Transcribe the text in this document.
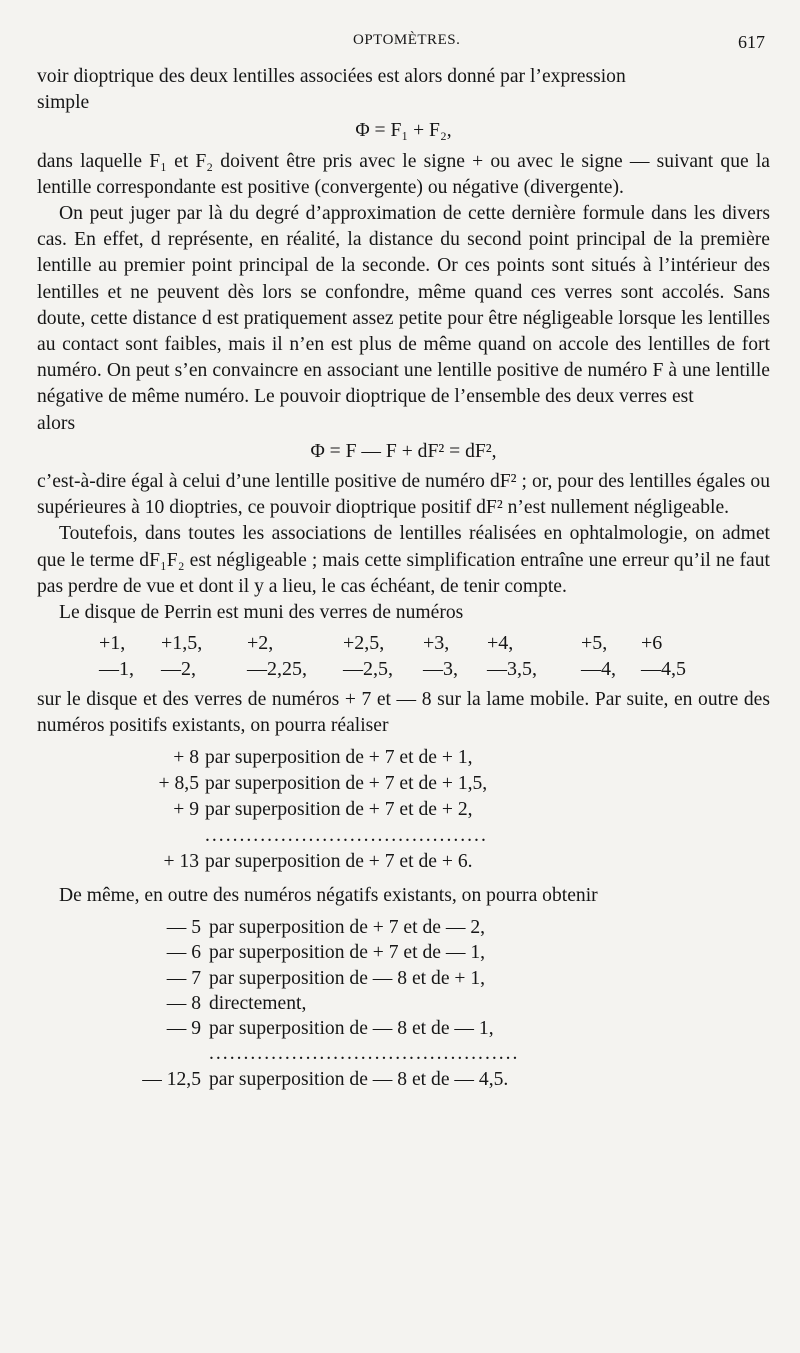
OPTOMÈTRES.	617

voir dioptrique des deux lentilles associées est alors donné par l’expression

simple

Φ = F₁ + F₂,

dans laquelle F₁ et F₂ doivent être pris avec le signe + ou avec le signe — suivant que la lentille correspondante est positive (convergente) ou négative (divergente).

On peut juger par là du degré d’approximation de cette dernière formule dans les divers cas. En effet, d représente, en réalité, la distance du second point principal de la première lentille au premier point principal de la seconde. Or ces points sont situés à l’intérieur des lentilles et ne peuvent dès lors se confondre, même quand ces verres sont accolés. Sans doute, cette distance d est pratiquement assez petite pour être négligeable lorsque les lentilles au contact sont faibles, mais il n’en est plus de même quand on accole des lentilles de fort numéro. On peut s’en convaincre en associant une lentille positive de numéro F à une lentille négative de même numéro. Le pouvoir dioptrique de l’ensemble des deux verres est

alors

Φ = F — F + dF² = dF²,

c’est-à-dire égal à celui d’une lentille positive de numéro dF² ; or, pour des lentilles égales ou supérieures à 10 dioptries, ce pouvoir dioptrique positif dF² n’est nullement négligeable.

Toutefois, dans toutes les associations de lentilles réalisées en ophtalmologie, on admet que le terme dF₁F₂ est négligeable ; mais cette simplification entraîne une erreur qu’il ne faut pas perdre de vue et dont il y a lieu, le cas échéant, de tenir compte.

Le disque de Perrin est muni des verres de numéros

+1,	+1,5,	+2,	+2,5,	+3,	+4,	+5,	+6
—1,	—2,	—2,25,	—2,5,	—3,	—3,5,	—4,	—4,5

sur le disque et des verres de numéros + 7 et — 8 sur la lame mobile. Par suite, en outre des numéros positifs existants, on pourra réaliser

+ 8 par superposition de + 7 et de + 1,
+ 8,5 par superposition de + 7 et de + 1,5,
+ 9 par superposition de + 7 et de + 2,
.........................................
+ 13 par superposition de + 7 et de + 6.

De même, en outre des numéros négatifs existants, on pourra obtenir

— 5 par superposition de + 7 et de — 2,
— 6 par superposition de + 7 et de — 1,
— 7 par superposition de — 8 et de + 1,
— 8 directement,
— 9 par superposition de — 8 et de — 1,
.............................................
— 12,5 par superposition de — 8 et de — 4,5.
